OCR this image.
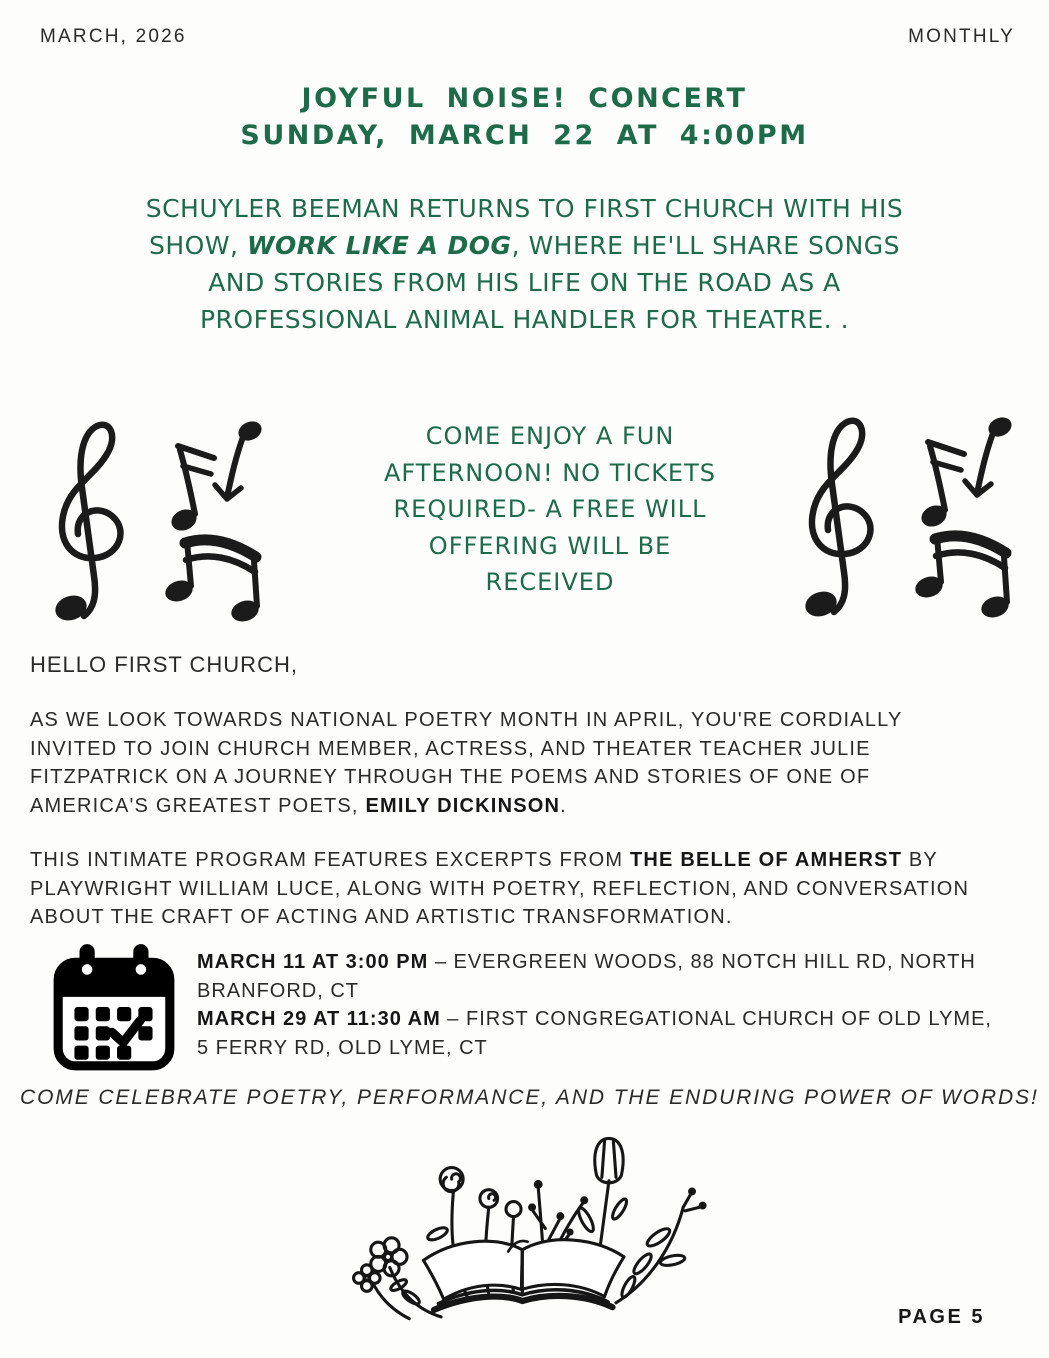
MARCH, 2026	MONTHLY
JOYFUL NOISE! CONCERT
SUNDAY, MARCH 22 AT 4:00PM
SCHUYLER BEEMAN RETURNS TO FIRST CHURCH WITH HIS SHOW, WORK LIKE A DOG, WHERE HE'LL SHARE SONGS AND STORIES FROM HIS LIFE ON THE ROAD AS A PROFESSIONAL ANIMAL HANDLER FOR THEATRE. .
COME ENJOY A FUN AFTERNOON! NO TICKETS REQUIRED- A FREE WILL OFFERING WILL BE RECEIVED
HELLO FIRST CHURCH,
AS WE LOOK TOWARDS NATIONAL POETRY MONTH IN APRIL, YOU'RE CORDIALLY INVITED TO JOIN CHURCH MEMBER, ACTRESS, AND THEATER TEACHER JULIE FITZPATRICK ON A JOURNEY THROUGH THE POEMS AND STORIES OF ONE OF AMERICA'S GREATEST POETS, EMILY DICKINSON.
THIS INTIMATE PROGRAM FEATURES EXCERPTS FROM THE BELLE OF AMHERST BY PLAYWRIGHT WILLIAM LUCE, ALONG WITH POETRY, REFLECTION, AND CONVERSATION ABOUT THE CRAFT OF ACTING AND ARTISTIC TRANSFORMATION.
MARCH 11 AT 3:00 PM – EVERGREEN WOODS, 88 NOTCH HILL RD, NORTH BRANFORD, CT
MARCH 29 AT 11:30 AM – FIRST CONGREGATIONAL CHURCH OF OLD LYME, 5 FERRY RD, OLD LYME, CT
COME CELEBRATE POETRY, PERFORMANCE, AND THE ENDURING POWER OF WORDS!
PAGE 5
